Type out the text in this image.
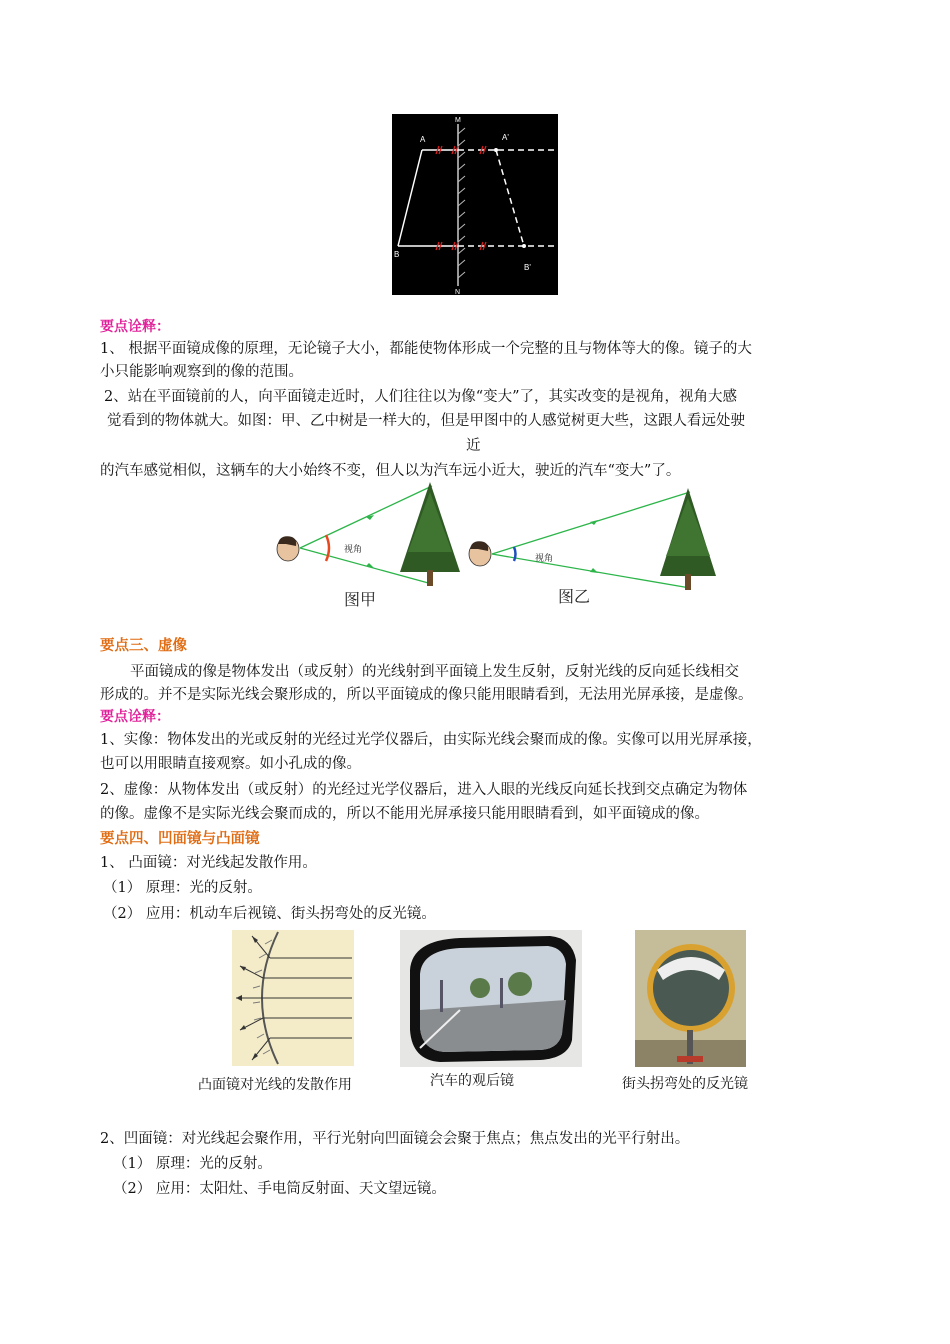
A	A'
B
B'
M
N
要点诠释：
1、 根据平面镜成像的原理，无论镜子大小，都能使物体形成一个完整的且与物体等大的像。镜子的大
小只能影响观察到的像的范围。
2、站在平面镜前的人，向平面镜走近时，人们往往以为像“变大”了，其实改变的是视角，视角大感
觉看到的物体就大。如图：甲、乙中树是一样大的，但是甲图中的人感觉树更大些，这跟人看远处驶
近
的汽车感觉相似，这辆车的大小始终不变，但人以为汽车远小近大，驶近的汽车“变大”了。
视角
视角
图甲	图乙
要点三、虚像
平面镜成的像是物体发出（或反射）的光线射到平面镜上发生反射，反射光线的反向延长线相交
形成的。并不是实际光线会聚形成的，所以平面镜成的像只能用眼睛看到，无法用光屏承接，是虚像。
要点诠释：
1、实像：物体发出的光或反射的光经过光学仪器后，由实际光线会聚而成的像。实像可以用光屏承接，
也可以用眼睛直接观察。如小孔成的像。
2、虚像：从物体发出（或反射）的光经过光学仪器后，进入人眼的光线反向延长找到交点确定为物体
的像。虚像不是实际光线会聚而成的，所以不能用光屏承接只能用眼睛看到，如平面镜成的像。
要点四、凹面镜与凸面镜
1、 凸面镜：对光线起发散作用。
（1） 原理：光的反射。
（2） 应用：机动车后视镜、街头拐弯处的反光镜。
凸面镜对光线的发散作用	汽车的观后镜	街头拐弯处的反光镜
2、凹面镜：对光线起会聚作用，平行光射向凹面镜会会聚于焦点；焦点发出的光平行射出。
（1） 原理：光的反射。
（2） 应用：太阳灶、手电筒反射面、天文望远镜。
